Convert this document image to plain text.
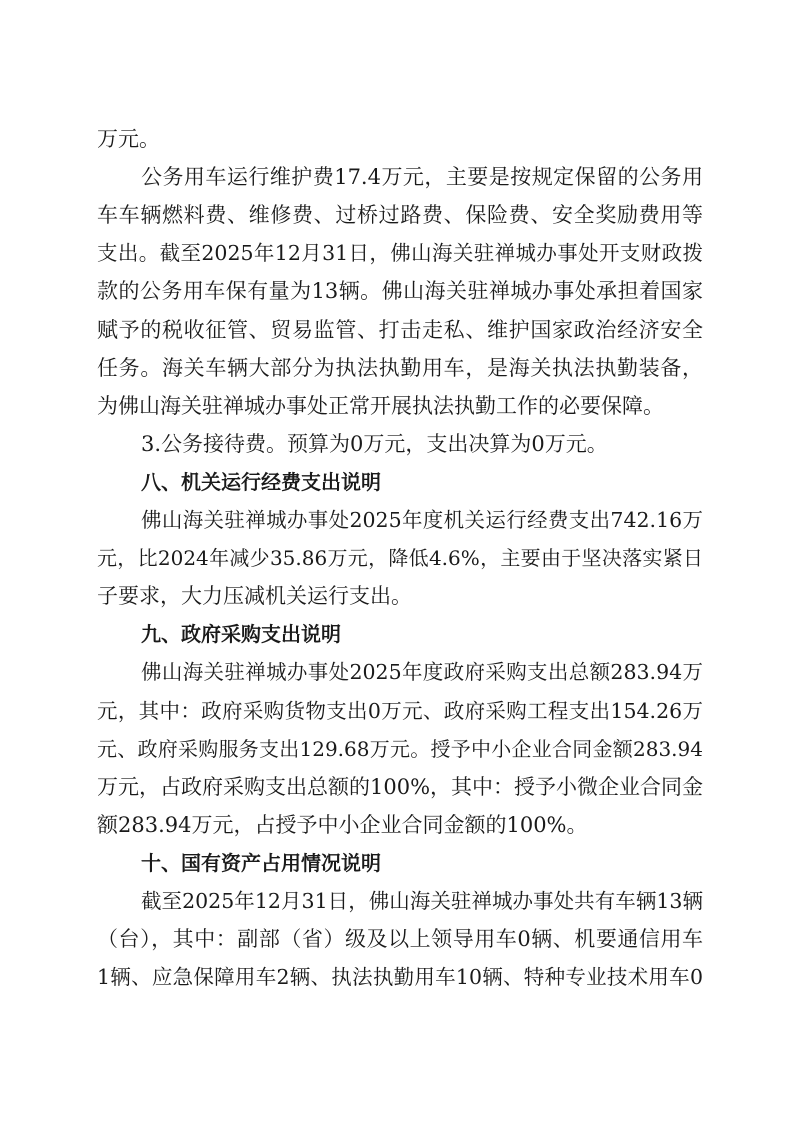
万元。
公务用车运行维护费17.4万元，主要是按规定保留的公务用
车车辆燃料费、维修费、过桥过路费、保险费、安全奖励费用等
支出。截至2025年12月31日，佛山海关驻禅城办事处开支财政拨
款的公务用车保有量为13辆。佛山海关驻禅城办事处承担着国家
赋予的税收征管、贸易监管、打击走私、维护国家政治经济安全
任务。海关车辆大部分为执法执勤用车，是海关执法执勤装备，
为佛山海关驻禅城办事处正常开展执法执勤工作的必要保障。
3.公务接待费。预算为0万元，支出决算为0万元。
八、机关运行经费支出说明
佛山海关驻禅城办事处2025年度机关运行经费支出742.16万
元，比2024年减少35.86万元，降低4.6%，主要由于坚决落实紧日
子要求，大力压减机关运行支出。
九、政府采购支出说明
佛山海关驻禅城办事处2025年度政府采购支出总额283.94万
元，其中：政府采购货物支出0万元、政府采购工程支出154.26万
元、政府采购服务支出129.68万元。授予中小企业合同金额283.94
万元，占政府采购支出总额的100%，其中：授予小微企业合同金
额283.94万元，占授予中小企业合同金额的100%。
十、国有资产占用情况说明
截至2025年12月31日，佛山海关驻禅城办事处共有车辆13辆
（台），其中：副部（省）级及以上领导用车0辆、机要通信用车
1辆、应急保障用车2辆、执法执勤用车10辆、特种专业技术用车0
